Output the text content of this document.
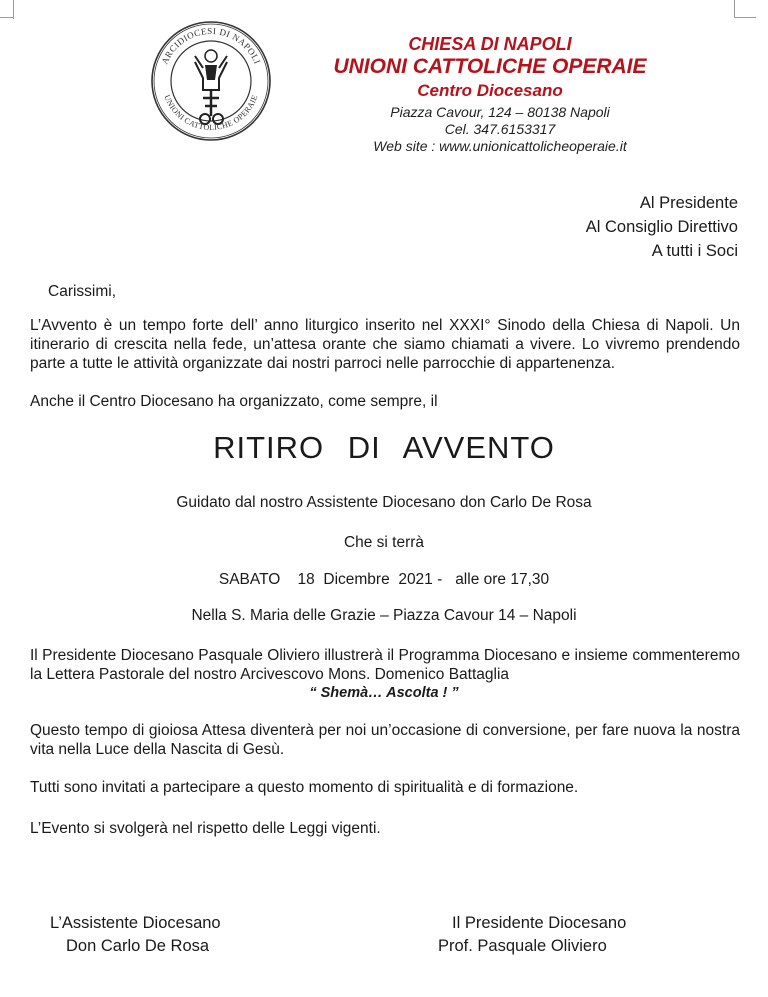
ARCIDIOCESI DI NAPOLI
UNIONI CATTOLICHE OPERAIE
CHIESA DI NAPOLI
UNIONI CATTOLICHE OPERAIE
Centro Diocesano
Piazza Cavour, 124 – 80138 Napoli
Cel. 347.6153317
Web site : www.unionicattolicheoperaie.it
Al Presidente
Al Consiglio Direttivo
A tutti i Soci
Carissimi,
L’Avvento è un tempo forte dell’ anno liturgico inserito nel XXXI° Sinodo della Chiesa di Napoli. Un itinerario di crescita nella fede, un’attesa orante che siamo chiamati a vivere. Lo vivremo prendendo parte a tutte le attività organizzate dai nostri parroci nelle parrocchie di appartenenza.
Anche il Centro Diocesano ha organizzato, come sempre, il
RITIRO DI AVVENTO
Guidato dal nostro Assistente Diocesano don Carlo De Rosa
Che si terrà
SABATO    18  Dicembre  2021 -   alle ore 17,30
Nella S. Maria delle Grazie – Piazza Cavour 14 – Napoli
Il Presidente Diocesano Pasquale Oliviero illustrerà il Programma Diocesano e insieme commenteremo la Lettera Pastorale del nostro Arcivescovo Mons. Domenico Battaglia
“ Shemà… Ascolta ! ”
Questo tempo di gioiosa Attesa diventerà per noi un’occasione di conversione, per fare nuova la nostra vita nella Luce della Nascita di Gesù.
Tutti sono invitati a partecipare a questo momento di spiritualità e di formazione.
L’Evento si svolgerà nel rispetto delle Leggi vigenti.
L’Assistente Diocesano
Don Carlo De Rosa
Il Presidente Diocesano
Prof. Pasquale Oliviero
